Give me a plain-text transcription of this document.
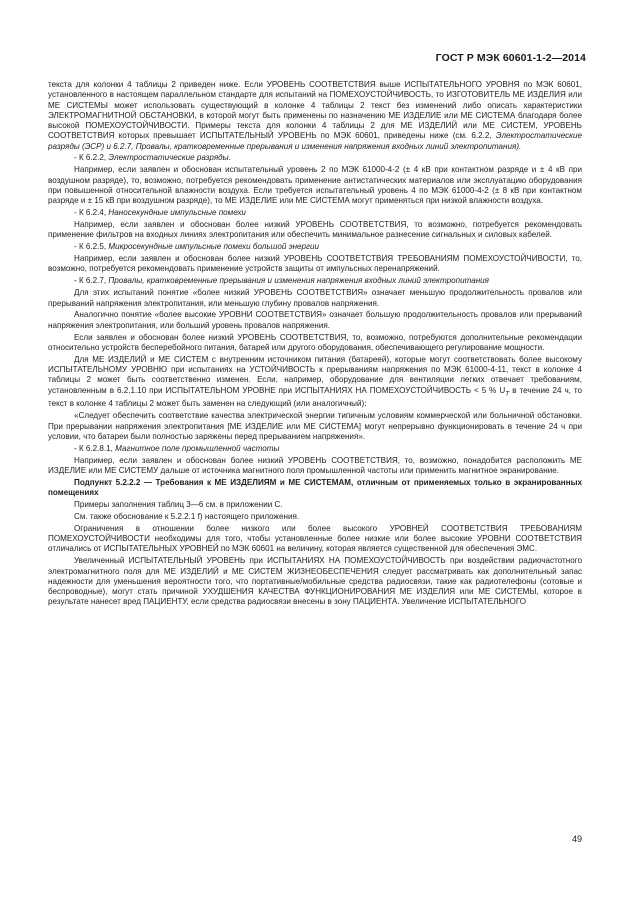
ГОСТ Р МЭК 60601-1-2—2014

текста для колонки 4 таблицы 2 приведен ниже. Если УРОВЕНЬ СООТВЕТСТВИЯ выше ИСПЫТАТЕЛЬНОГО УРОВНЯ по МЭК 60601, установленного в настоящем параллельном стандарте для испытаний на ПОМЕХОУСТОЙЧИВОСТЬ, то ИЗГОТОВИТЕЛЬ МЕ ИЗДЕЛИЯ или МЕ СИСТЕМЫ может использовать существующий в колонке 4 таблицы 2 текст без изменений либо описать характеристики ЭЛЕКТРОМАГНИТНОЙ ОБСТАНОВКИ, в которой могут быть применены по назначению МЕ ИЗДЕЛИЕ или МЕ СИСТЕМА благодаря более высокой ПОМЕХОУСТОЙЧИВОСТИ. Примеры текста для колонки 4 таблицы 2 для МЕ ИЗДЕЛИЙ или МЕ СИСТЕМ, УРОВЕНЬ СООТВЕТСТВИЯ которых превышает ИСПЫТАТЕЛЬНЫЙ УРОВЕНЬ по МЭК 60601, приведены ниже (см. 6.2.2, Электростатические разряды (ЭСР) и 6.2.7, Провалы, кратковременные прерывания и изменения напряжения входных линий электропитания).

- К 6.2.2, Электростатические разряды.

Например, если заявлен и обоснован испытательный уровень 2 по МЭК 61000-4-2 (± 4 кВ при контактном разряде и ± 4 кВ при воздушном разряде), то, возможно, потребуется рекомендовать применение антистатических материалов или эксплуатацию оборудования при повышенной относительной влажности воздуха. Если требуется испытательный уровень 4 по МЭК 61000-4-2 (± 8 кВ при контактном разряде и ± 15 кВ при воздушном разряде), то МЕ ИЗДЕЛИЕ или МЕ СИСТЕМА могут применяться при низкой влажности воздуха.

- К 6.2.4, Наносекундные импульсные помехи

Например, если заявлен и обоснован более низкий УРОВЕНЬ СООТВЕТСТВИЯ, то возможно, потребуется рекомендовать применение фильтров на входных линиях электропитания или обеспечить минимальное разнесение сигнальных и силовых кабелей.

- К 6.2.5, Микросекундные импульсные помехи большой энергии

Например, если заявлен и обоснован более низкий УРОВЕНЬ СООТВЕТСТВИЯ ТРЕБОВАНИЯМ ПОМЕХОУСТОЙЧИВОСТИ, то, возможно, потребуется рекомендовать применение устройств защиты от импульсных перенапряжений.

- К 6.2.7, Провалы, кратковременные прерывания и изменения напряжения входных линий электропитания

Для этих испытаний понятие «более низкий УРОВЕНЬ СООТВЕТСТВИЯ» означает меньшую продолжительность провалов или прерываний напряжения электропитания, или меньшую глубину провалов напряжения.

Аналогично понятие «более высокие УРОВНИ СООТВЕТСТВИЯ» означает большую продолжительность провалов или прерываний напряжения электропитания, или больший уровень провалов напряжения.

Если заявлен и обоснован более низкий УРОВЕНЬ СООТВЕТСТВИЯ, то, возможно, потребуются дополнительные рекомендации относительно устройств бесперебойного питания, батарей или другого оборудования, обеспечивающего регулирование мощности.

Для МЕ ИЗДЕЛИЙ и МЕ СИСТЕМ с внутренним источником питания (батареей), которые могут соответствовать более высокому ИСПЫТАТЕЛЬНОМУ УРОВНЮ при испытаниях на УСТОЙЧИВОСТЬ к прерываниям напряжения по МЭК 61000-4-11, текст в колонке 4 таблицы 2 может быть соответственно изменен. Если, например, оборудование для вентиляции легких отвечает требованиям, установленным в 6.2.1.10 при ИСПЫТАТЕЛЬНОМ УРОВНЕ при ИСПЫТАНИЯХ НА ПОМЕХОУСТОЙЧИВОСТЬ < 5 % $U_T$ в течение 24 ч, то текст в колонке 4 таблицы 2 может быть заменен на следующий (или аналогичный):

«Следует обеспечить соответствие качества электрической энергии типичным условиям коммерческой или больничной обстановки. При прерывании напряжения электропитания [МЕ ИЗДЕЛИЕ или МЕ СИСТЕМА] могут непрерывно функционировать в течение 24 ч при условии, что батареи были полностью заряжены перед прерыванием напряжения».

- К 6.2.8.1, Магнитное поле промышленной частоты

Например, если заявлен и обоснован более низкий УРОВЕНЬ СООТВЕТСТВИЯ, то, возможно, понадобится расположить МЕ ИЗДЕЛИЕ или МЕ СИСТЕМУ дальше от источника магнитного поля промышленной частоты или применить магнитное экранирование.

Подпункт 5.2.2.2 — Требования к МЕ ИЗДЕЛИЯМ и МЕ СИСТЕМАМ, отличным от применяемых только в экранированных помещениях

Примеры заполнения таблиц 3—6 см. в приложении С.

См. также обоснование к 5.2.2.1 f) настоящего приложения.

Ограничения в отношении более низкого или более высокого УРОВНЕЙ СООТВЕТСТВИЯ ТРЕБОВАНИЯМ ПОМЕХОУСТОЙЧИВОСТИ необходимы для того, чтобы установленные более низкие или более высокие УРОВНИ СООТВЕТСТВИЯ отличались от ИСПЫТАТЕЛЬНЫХ УРОВНЕЙ по МЭК 60601 на величину, которая является существенной для обеспечения ЭМС.

Увеличенный ИСПЫТАТЕЛЬНЫЙ УРОВЕНЬ при ИСПЫТАНИЯХ НА ПОМЕХОУСТОЙЧИВОСТЬ при воздействии радиочастотного электромагнитного поля для МЕ ИЗДЕЛИЙ и МЕ СИСТЕМ ЖИЗНЕОБЕСПЕЧЕНИЯ следует рассматривать как дополнительный запас надежности для уменьшения вероятности того, что портативные/мобильные средства радиосвязи, такие как радиотелефоны (сотовые и беспроводные), могут стать причиной УХУДШЕНИЯ КАЧЕСТВА ФУНКЦИОНИРОВАНИЯ МЕ ИЗДЕЛИЯ или МЕ СИСТЕМЫ, которое в результате нанесет вред ПАЦИЕНТУ, если средства радиосвязи внесены в зону ПАЦИЕНТА. Увеличение ИСПЫТАТЕЛЬНОГО

49
